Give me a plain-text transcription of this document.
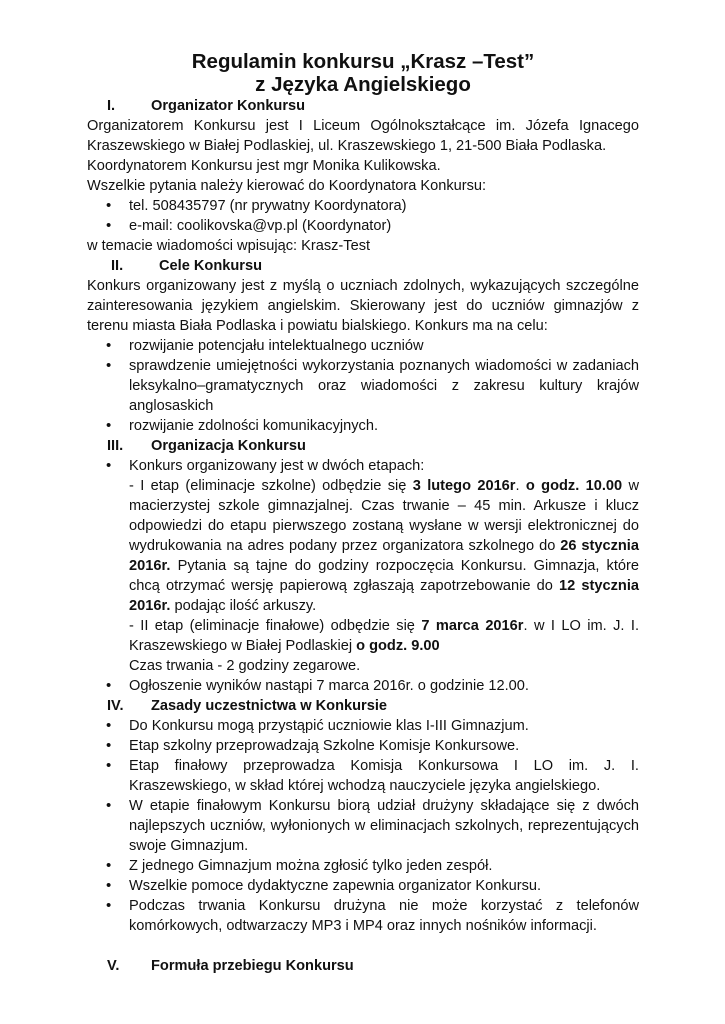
Regulamin konkursu „Krasz –Test”
z Języka Angielskiego
I. Organizator Konkursu

Organizatorem Konkursu jest I Liceum Ogólnokształcące im. Józefa Ignacego Kraszewskiego w Białej Podlaskiej, ul. Kraszewskiego 1, 21-500 Biała Podlaska.

Koordynatorem Konkursu jest mgr Monika Kulikowska.

Wszelkie pytania należy kierować do Koordynatora Konkursu:

• tel. 508435797 (nr prywatny Koordynatora)
• e-mail: coolikovska@vp.pl (Koordynator)

w temacie wiadomości wpisując: Krasz-Test

II. Cele Konkursu

Konkurs organizowany jest z myślą o uczniach zdolnych, wykazujących szczególne zainteresowania językiem angielskim. Skierowany jest do uczniów gimnazjów z terenu miasta Biała Podlaska i powiatu bialskiego. Konkurs ma na celu:

• rozwijanie potencjału intelektualnego uczniów
• sprawdzenie umiejętności wykorzystania poznanych wiadomości w zadaniach leksykalno–gramatycznych oraz wiadomości z zakresu kultury krajów anglosaskich
• rozwijanie zdolności komunikacyjnych.
III. Organizacja Konkursu
• Konkurs organizowany jest w dwóch etapach:

- I etap (eliminacje szkolne) odbędzie się 3 lutego 2016r. o godz. 10.00 w macierzystej szkole gimnazjalnej. Czas trwanie – 45 min. Arkusze i klucz odpowiedzi do etapu pierwszego zostaną wysłane w wersji elektronicznej do wydrukowania na adres podany przez organizatora szkolnego do 26 stycznia 2016r. Pytania są tajne do godziny rozpoczęcia Konkursu. Gimnazja, które chcą otrzymać wersję papierową zgłaszają zapotrzebowanie do 12 stycznia 2016r. podając ilość arkuszy.

- II etap (eliminacje finałowe) odbędzie się 7 marca 2016r. w I LO im. J. I. Kraszewskiego w Białej Podlaskiej o godz. 9.00

Czas trwania - 2 godziny zegarowe.

• Ogłoszenie wyników nastąpi 7 marca 2016r. o godzinie 12.00.
IV. Zasady uczestnictwa w Konkursie
• Do Konkursu mogą przystąpić uczniowie klas I-III Gimnazjum.
• Etap szkolny przeprowadzają Szkolne Komisje Konkursowe.
• Etap finałowy przeprowadza Komisja Konkursowa I LO im. J. I. Kraszewskiego, w skład której wchodzą nauczyciele języka angielskiego.
• W etapie finałowym Konkursu biorą udział drużyny składające się z dwóch najlepszych uczniów, wyłonionych w eliminacjach szkolnych, reprezentujących swoje Gimnazjum.
• Z jednego Gimnazjum można zgłosić tylko jeden zespół.
• Wszelkie pomoce dydaktyczne zapewnia organizator Konkursu.
• Podczas trwania Konkursu drużyna nie może korzystać z telefonów komórkowych, odtwarzaczy MP3 i MP4 oraz innych nośników informacji.
V. Formuła przebiegu Konkursu
